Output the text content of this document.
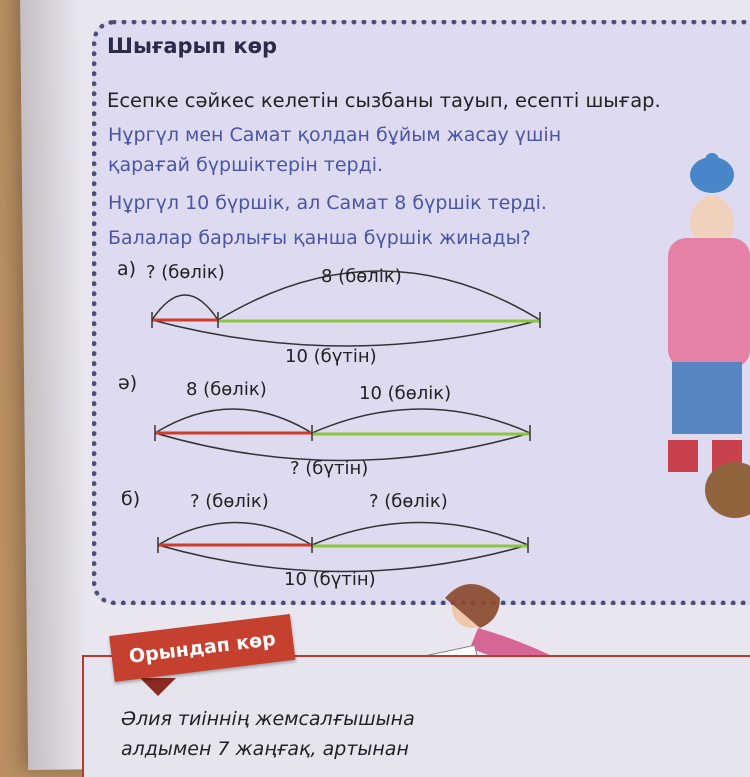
Шығарып көр
Есепке сәйкес келетін сызбаны тауып, есепті шығар.
Нұргүл мен Самат қолдан бұйым жасау үшін
қарағай бүршіктерін терді.
Нұргүл 10 бүршік, ал Самат 8 бүршік терді.
Балалар барлығы қанша бүршік жинады?
а) ? (бөлік)	8 (бөлік)
10 (бүтін)
ә)	8 (бөлік)	10 (бөлік)
? (бүтін)
б)	? (бөлік)	? (бөлік)
10 (бүтін)
Орындап көр
Әлия тиіннің жемсалғышына
алдымен 7 жаңғақ, артынан
